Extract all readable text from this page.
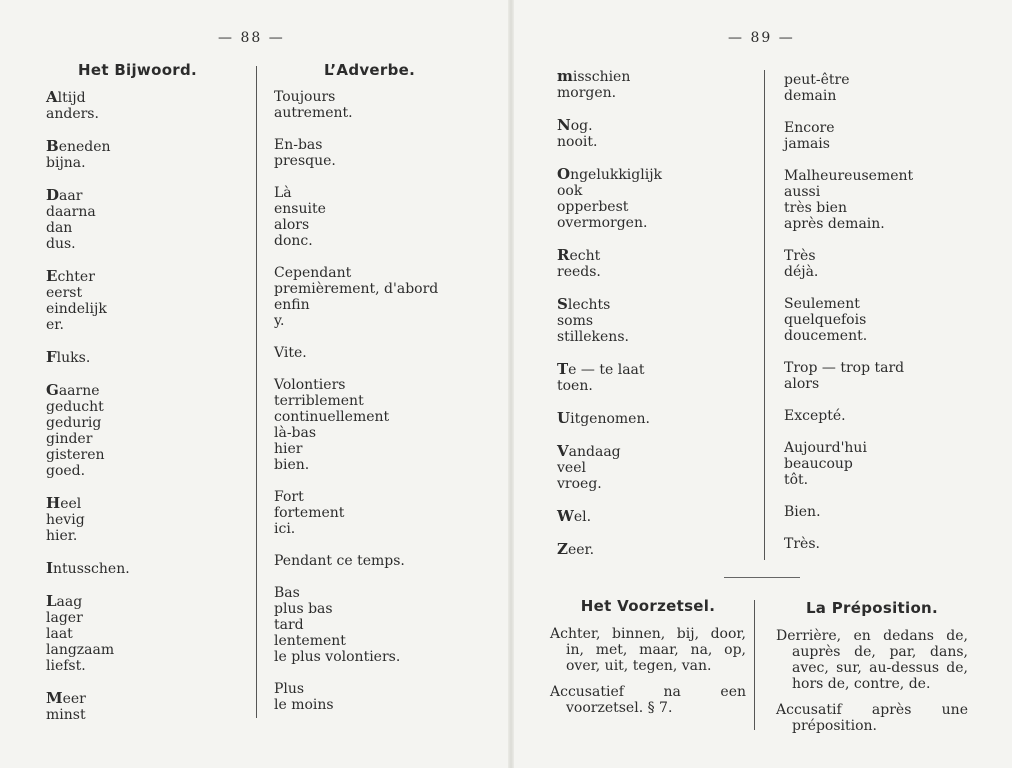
— 88 —
Het Bijwoord.
Altijd
anders.
Beneden
bijna.
Daar
daarna
dan
dus.
Echter
eerst
eindelijk
er.
Fluks.
Gaarne
geducht
gedurig
ginder
gisteren
goed.
Heel
hevig
hier.
Intusschen.
Laag
lager
laat
langzaam
liefst.
Meer
minst
L’Adverbe.
Toujours
autrement.
En-bas
presque.
Là
ensuite
alors
donc.
Cependant
premièrement, d'abord
enfin
y.
Vite.
Volontiers
terriblement
continuellement
là-bas
hier
bien.
Fort
fortement
ici.
Pendant ce temps.
Bas
plus bas
tard
lentement
le plus volontiers.
Plus
le moins
— 89 —
misschien
morgen.
Nog.
nooit.
Ongelukkiglijk
ook
opperbest
overmorgen.
Recht
reeds.
Slechts
soms
stillekens.
Te — te laat
toen.
Uitgenomen.
Vandaag
veel
vroeg.
Wel.
Zeer.
peut-être
demain
Encore
jamais
Malheureusement
aussi
très bien
après demain.
Très
déjà.
Seulement
quelquefois
doucement.
Trop — trop tard
alors
Excepté.
Aujourd'hui
beaucoup
tôt.
Bien.
Très.
Het Voorzetsel.
Achter, binnen, bij, door, in, met, maar, na, op, over, uit, tegen, van.
Accusatief na een voorzetsel. § 7.
La Préposition.
Derrière, en dedans de, auprès de, par, dans, avec, sur, au-dessus de, hors de, contre, de.
Accusatif après une préposition.
